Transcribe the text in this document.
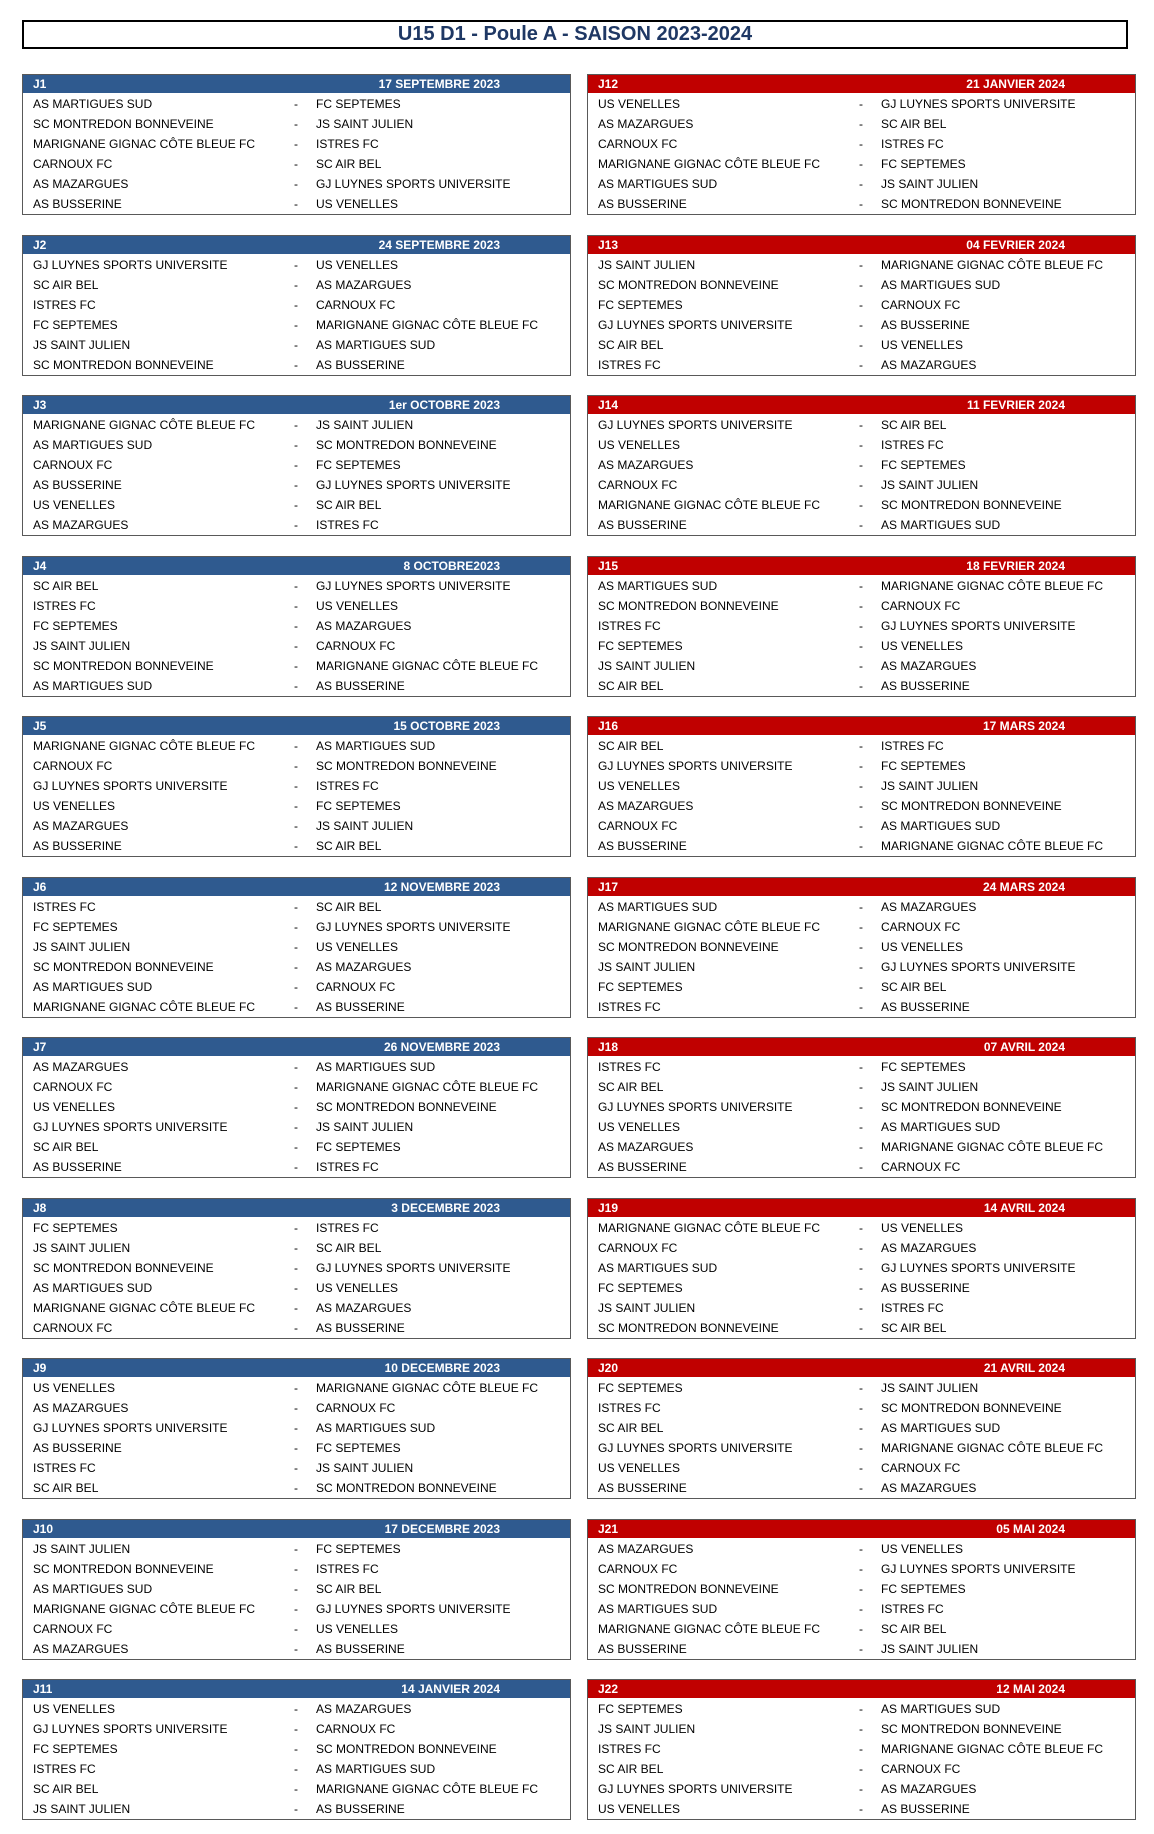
U15 D1 - Poule A - SAISON 2023-2024
J1	17 SEPTEMBRE 2023
AS MARTIGUES SUD	- FC SEPTEMES
SC MONTREDON BONNEVEINE	- JS SAINT JULIEN
MARIGNANE GIGNAC CÔTE BLEUE FC	- ISTRES FC
CARNOUX FC	- SC AIR BEL
AS MAZARGUES	- GJ LUYNES SPORTS UNIVERSITE
AS BUSSERINE	- US VENELLES
J2	24 SEPTEMBRE 2023
GJ LUYNES SPORTS UNIVERSITE	- US VENELLES
SC AIR BEL	- AS MAZARGUES
ISTRES FC	- CARNOUX FC
FC SEPTEMES	- MARIGNANE GIGNAC CÔTE BLEUE FC
JS SAINT JULIEN	- AS MARTIGUES SUD
SC MONTREDON BONNEVEINE	- AS BUSSERINE
J3	1er OCTOBRE 2023
MARIGNANE GIGNAC CÔTE BLEUE FC	- JS SAINT JULIEN
AS MARTIGUES SUD	- SC MONTREDON BONNEVEINE
CARNOUX FC	- FC SEPTEMES
AS BUSSERINE	- GJ LUYNES SPORTS UNIVERSITE
US VENELLES	- SC AIR BEL
AS MAZARGUES	- ISTRES FC
J4	8 OCTOBRE2023
SC AIR BEL	- GJ LUYNES SPORTS UNIVERSITE
ISTRES FC	- US VENELLES
FC SEPTEMES	- AS MAZARGUES
JS SAINT JULIEN	- CARNOUX FC
SC MONTREDON BONNEVEINE	- MARIGNANE GIGNAC CÔTE BLEUE FC
AS MARTIGUES SUD	- AS BUSSERINE
J5	15 OCTOBRE 2023
MARIGNANE GIGNAC CÔTE BLEUE FC	- AS MARTIGUES SUD
CARNOUX FC	- SC MONTREDON BONNEVEINE
GJ LUYNES SPORTS UNIVERSITE	- ISTRES FC
US VENELLES	- FC SEPTEMES
AS MAZARGUES	- JS SAINT JULIEN
AS BUSSERINE	- SC AIR BEL
J6	12 NOVEMBRE 2023
ISTRES FC	- SC AIR BEL
FC SEPTEMES	- GJ LUYNES SPORTS UNIVERSITE
JS SAINT JULIEN	- US VENELLES
SC MONTREDON BONNEVEINE	- AS MAZARGUES
AS MARTIGUES SUD	- CARNOUX FC
MARIGNANE GIGNAC CÔTE BLEUE FC	- AS BUSSERINE
J7	26 NOVEMBRE 2023
AS MAZARGUES	- AS MARTIGUES SUD
CARNOUX FC	- MARIGNANE GIGNAC CÔTE BLEUE FC
US VENELLES	- SC MONTREDON BONNEVEINE
GJ LUYNES SPORTS UNIVERSITE	- JS SAINT JULIEN
SC AIR BEL	- FC SEPTEMES
AS BUSSERINE	- ISTRES FC
J8	3 DECEMBRE 2023
FC SEPTEMES	- ISTRES FC
JS SAINT JULIEN	- SC AIR BEL
SC MONTREDON BONNEVEINE	- GJ LUYNES SPORTS UNIVERSITE
AS MARTIGUES SUD	- US VENELLES
MARIGNANE GIGNAC CÔTE BLEUE FC	- AS MAZARGUES
CARNOUX FC	- AS BUSSERINE
J9	10 DECEMBRE 2023
US VENELLES	- MARIGNANE GIGNAC CÔTE BLEUE FC
AS MAZARGUES	- CARNOUX FC
GJ LUYNES SPORTS UNIVERSITE	- AS MARTIGUES SUD
AS BUSSERINE	- FC SEPTEMES
ISTRES FC	- JS SAINT JULIEN
SC AIR BEL	- SC MONTREDON BONNEVEINE
J10	17 DECEMBRE 2023
JS SAINT JULIEN	- FC SEPTEMES
SC MONTREDON BONNEVEINE	- ISTRES FC
AS MARTIGUES SUD	- SC AIR BEL
MARIGNANE GIGNAC CÔTE BLEUE FC	- GJ LUYNES SPORTS UNIVERSITE
CARNOUX FC	- US VENELLES
AS MAZARGUES	- AS BUSSERINE
J11	14 JANVIER 2024
US VENELLES	- AS MAZARGUES
GJ LUYNES SPORTS UNIVERSITE	- CARNOUX FC
FC SEPTEMES	- SC MONTREDON BONNEVEINE
ISTRES FC	- AS MARTIGUES SUD
SC AIR BEL	- MARIGNANE GIGNAC CÔTE BLEUE FC
JS SAINT JULIEN	- AS BUSSERINE
J12	21 JANVIER 2024
US VENELLES	- GJ LUYNES SPORTS UNIVERSITE
AS MAZARGUES	- SC AIR BEL
CARNOUX FC	- ISTRES FC
MARIGNANE GIGNAC CÔTE BLEUE FC	- FC SEPTEMES
AS MARTIGUES SUD	- JS SAINT JULIEN
AS BUSSERINE	- SC MONTREDON BONNEVEINE
J13	04 FEVRIER 2024
JS SAINT JULIEN	- MARIGNANE GIGNAC CÔTE BLEUE FC
SC MONTREDON BONNEVEINE	- AS MARTIGUES SUD
FC SEPTEMES	- CARNOUX FC
GJ LUYNES SPORTS UNIVERSITE	- AS BUSSERINE
SC AIR BEL	- US VENELLES
ISTRES FC	- AS MAZARGUES
J14	11 FEVRIER 2024
GJ LUYNES SPORTS UNIVERSITE	- SC AIR BEL
US VENELLES	- ISTRES FC
AS MAZARGUES	- FC SEPTEMES
CARNOUX FC	- JS SAINT JULIEN
MARIGNANE GIGNAC CÔTE BLEUE FC	- SC MONTREDON BONNEVEINE
AS BUSSERINE	- AS MARTIGUES SUD
J15	18 FEVRIER 2024
AS MARTIGUES SUD	- MARIGNANE GIGNAC CÔTE BLEUE FC
SC MONTREDON BONNEVEINE	- CARNOUX FC
ISTRES FC	- GJ LUYNES SPORTS UNIVERSITE
FC SEPTEMES	- US VENELLES
JS SAINT JULIEN	- AS MAZARGUES
SC AIR BEL	- AS BUSSERINE
J16	17 MARS 2024
SC AIR BEL	- ISTRES FC
GJ LUYNES SPORTS UNIVERSITE	- FC SEPTEMES
US VENELLES	- JS SAINT JULIEN
AS MAZARGUES	- SC MONTREDON BONNEVEINE
CARNOUX FC	- AS MARTIGUES SUD
AS BUSSERINE	- MARIGNANE GIGNAC CÔTE BLEUE FC
J17	24 MARS 2024
AS MARTIGUES SUD	- AS MAZARGUES
MARIGNANE GIGNAC CÔTE BLEUE FC	- CARNOUX FC
SC MONTREDON BONNEVEINE	- US VENELLES
JS SAINT JULIEN	- GJ LUYNES SPORTS UNIVERSITE
FC SEPTEMES	- SC AIR BEL
ISTRES FC	- AS BUSSERINE
J18	07 AVRIL 2024
ISTRES FC	- FC SEPTEMES
SC AIR BEL	- JS SAINT JULIEN
GJ LUYNES SPORTS UNIVERSITE	- SC MONTREDON BONNEVEINE
US VENELLES	- AS MARTIGUES SUD
AS MAZARGUES	- MARIGNANE GIGNAC CÔTE BLEUE FC
AS BUSSERINE	- CARNOUX FC
J19	14 AVRIL 2024
MARIGNANE GIGNAC CÔTE BLEUE FC	- US VENELLES
CARNOUX FC	- AS MAZARGUES
AS MARTIGUES SUD	- GJ LUYNES SPORTS UNIVERSITE
FC SEPTEMES	- AS BUSSERINE
JS SAINT JULIEN	- ISTRES FC
SC MONTREDON BONNEVEINE	- SC AIR BEL
J20	21 AVRIL 2024
FC SEPTEMES	- JS SAINT JULIEN
ISTRES FC	- SC MONTREDON BONNEVEINE
SC AIR BEL	- AS MARTIGUES SUD
GJ LUYNES SPORTS UNIVERSITE	- MARIGNANE GIGNAC CÔTE BLEUE FC
US VENELLES	- CARNOUX FC
AS BUSSERINE	- AS MAZARGUES
J21	05 MAI 2024
AS MAZARGUES	- US VENELLES
CARNOUX FC	- GJ LUYNES SPORTS UNIVERSITE
SC MONTREDON BONNEVEINE	- FC SEPTEMES
AS MARTIGUES SUD	- ISTRES FC
MARIGNANE GIGNAC CÔTE BLEUE FC	- SC AIR BEL
AS BUSSERINE	- JS SAINT JULIEN
J22	12 MAI 2024
FC SEPTEMES	- AS MARTIGUES SUD
JS SAINT JULIEN	- SC MONTREDON BONNEVEINE
ISTRES FC	- MARIGNANE GIGNAC CÔTE BLEUE FC
SC AIR BEL	- CARNOUX FC
GJ LUYNES SPORTS UNIVERSITE	- AS MAZARGUES
US VENELLES	- AS BUSSERINE
